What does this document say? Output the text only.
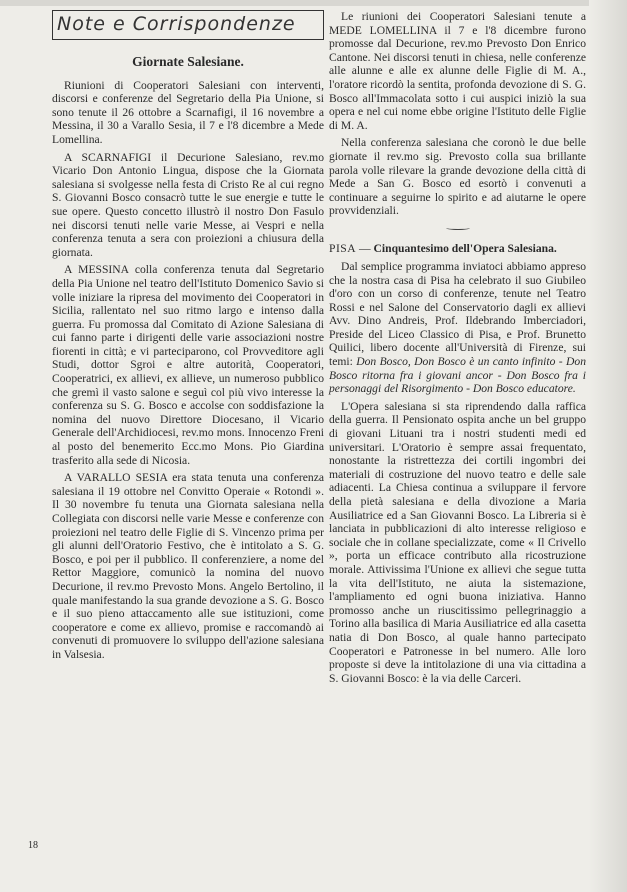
Note e Corrispondenze
Giornate Salesiane.

Riunioni di Cooperatori Salesiani con interventi, discorsi e conferenze del Segretario della Pia Unione, si sono tenute il 26 ottobre a Scarnafigi, il 16 novembre a Messina, il 30 a Varallo Sesia, il 7 e l'8 dicembre a Mede Lomellina.

A SCARNAFIGI il Decurione Salesiano, rev.mo Vicario Don Antonio Lingua, dispose che la Giornata salesiana si svolgesse nella festa di Cristo Re al cui regno S. Giovanni Bosco consacrò tutte le sue energie e tutte le sue opere. Questo concetto illustrò il nostro Don Fasulo nei discorsi tenuti nelle varie Messe, ai Vespri e nella conferenza tenuta a sera con proiezioni a chiusura della giornata.

A MESSINA colla conferenza tenuta dal Segretario della Pia Unione nel teatro dell'Istituto Domenico Savio si volle iniziare la ripresa del movimento dei Cooperatori in Sicilia, rallentato nel suo ritmo largo e intenso dalla guerra. Fu promossa dal Comitato di Azione Salesiana di cui fanno parte i dirigenti delle varie associazioni nostre fiorenti in città; e vi parteciparono, col Provveditore agli Studi, dottor Sgroi e altre autorità, Cooperatori, Cooperatrici, ex allievi, ex allieve, un numeroso pubblico che gremì il vasto salone e seguì col più vivo interesse la conferenza su S. G. Bosco e accolse con soddisfazione la nomina del nuovo Direttore Diocesano, il Vicario Generale dell'Archidiocesi, rev.mo mons. Innocenzo Freni al posto del benemerito Ecc.mo Mons. Pio Giardina trasferito alla sede di Nicosia.

A VARALLO SESIA era stata tenuta una conferenza salesiana il 19 ottobre nel Convitto Operaie « Rotondi ». Il 30 novembre fu tenuta una Giornata salesiana nella Collegiata con discorsi nelle varie Messe e conferenze con proiezioni nel teatro delle Figlie di S. Vincenzo prima per gli alunni dell'Oratorio Festivo, che è intitolato a S. G. Bosco, e poi per il pubblico. Il conferenziere, a nome del Rettor Maggiore, comunicò la nomina del nuovo Decurione, il rev.mo Prevosto Mons. Angelo Bertolino, il quale manifestando la sua grande devozione a S. G. Bosco e il suo pieno attaccamento alle sue istituzioni, come cooperatore e come ex allievo, promise e raccomandò ai convenuti di promuovere lo sviluppo dell'azione salesiana in Valsesia.

Le riunioni dei Cooperatori Salesiani tenute a MEDE LOMELLINA il 7 e l'8 dicembre furono promosse dal Decurione, rev.mo Prevosto Don Enrico Cantone. Nei discorsi tenuti in chiesa, nelle conferenze alle alunne e alle ex alunne delle Figlie di M. A., l'oratore ricordò la sentita, profonda devozione di S. G. Bosco all'Immacolata sotto i cui auspici iniziò la sua opera e nel cui nome ebbe origine l'Istituto delle Figlie di M. A.

Nella conferenza salesiana che coronò le due belle giornate il rev.mo sig. Prevosto colla sua brillante parola volle rilevare la grande devozione della città di Mede a San G. Bosco ed esortò i convenuti a continuare a seguirne lo spirito e ad aiutarne le opere provvidenziali.

PISA — Cinquantesimo dell'Opera Salesiana.

Dal semplice programma inviatoci abbiamo appreso che la nostra casa di Pisa ha celebrato il suo Giubileo d'oro con un corso di conferenze, tenute nel Teatro Rossi e nel Salone del Conservatorio dagli ex allievi Avv. Dino Andreis, Prof. Ildebrando Imberciadori, Preside del Liceo Classico di Pisa, e Prof. Brunetto Quilici, libero docente all'Università di Firenze, sui temi: Don Bosco, Don Bosco è un canto infinito - Don Bosco ritorna fra i giovani ancor - Don Bosco fra i personaggi del Risorgimento - Don Bosco educatore.

L'Opera salesiana si sta riprendendo dalla raffica della guerra. Il Pensionato ospita anche un bel gruppo di giovani Lituani tra i nostri studenti medi ed universitari. L'Oratorio è sempre assai frequentato, nonostante la ristrettezza dei cortili ingombri dei materiali di costruzione del nuovo teatro e delle sale adiacenti. La Chiesa continua a sviluppare il fervore della pietà salesiana e della divozione a Maria Ausiliatrice ed a San Giovanni Bosco. La Libreria si è lanciata in pubblicazioni di alto interesse religioso e sociale che in collane specializzate, come « Il Crivello », porta un efficace contributo alla ricostruzione morale. Attivissima l'Unione ex allievi che segue tutta la vita dell'Istituto, ne aiuta la sistemazione, l'ampliamento ed ogni buona iniziativa. Hanno promosso anche un riuscitissimo pellegrinaggio a Torino alla basilica di Maria Ausiliatrice ed alla casetta natia di Don Bosco, al quale hanno partecipato Cooperatori e Patronesse in bel numero. Alle loro proposte si deve la intitolazione di una via cittadina a S. Giovanni Bosco: è la via delle Carceri.

18
